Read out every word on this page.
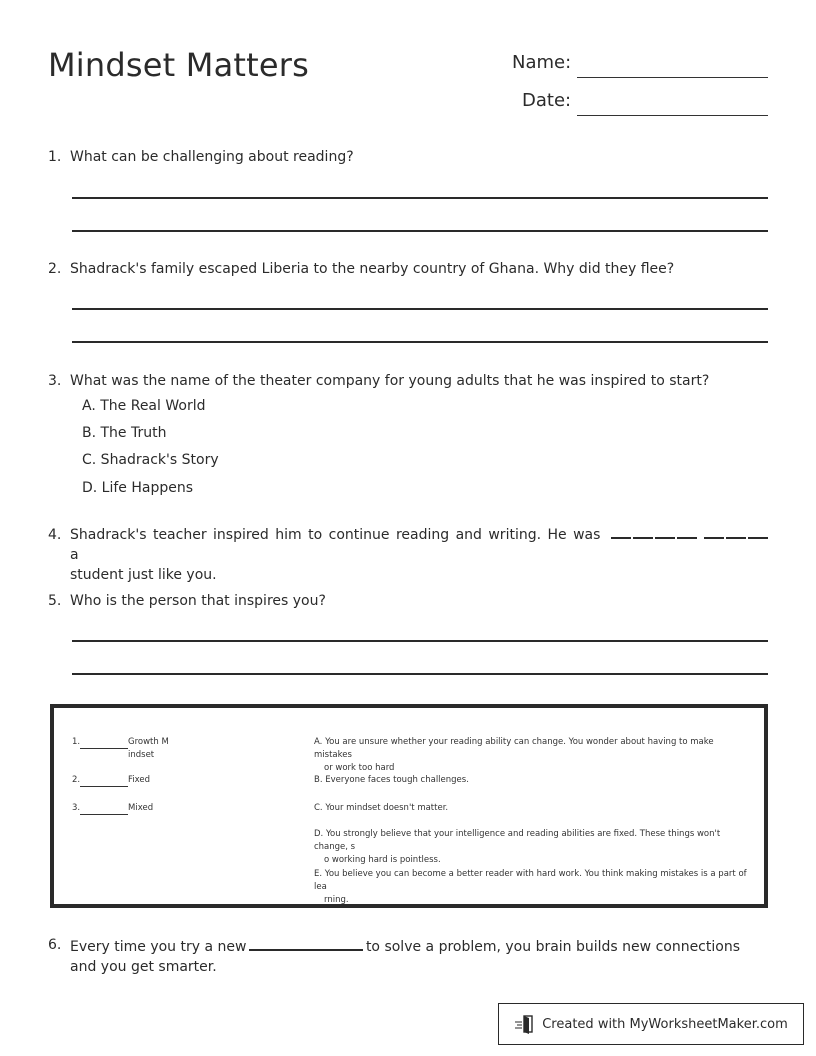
Mindset Matters	Name:
Date:
1. What can be challenging about reading?
2. Shadrack's family escaped Liberia to the nearby country of Ghana. Why did they flee?
3. What was the name of the theater company for young adults that he was inspired to start?
A. The Real World
B. The Truth
C. Shadrack's Story
D. Life Happens
4. Shadrack's teacher inspired him to continue reading and writing. He was a
student just like you.
5. Who is the person that inspires you?
1.	Growth M
indset
2.	Fixed
3.	Mixed
A. You are unsure whether your reading ability can change. You wonder about having to make mistakes
or work too hard
B. Everyone faces tough challenges.
C. Your mindset doesn't matter.
D. You strongly believe that your intelligence and reading abilities are fixed. These things won't change, s
o working hard is pointless.
E. You believe you can become a better reader with hard work. You think making mistakes is a part of lea
rning.
6. Every time you try a new	to solve a problem, you brain builds new connections
and you get smarter.
Created with MyWorksheetMaker.com
